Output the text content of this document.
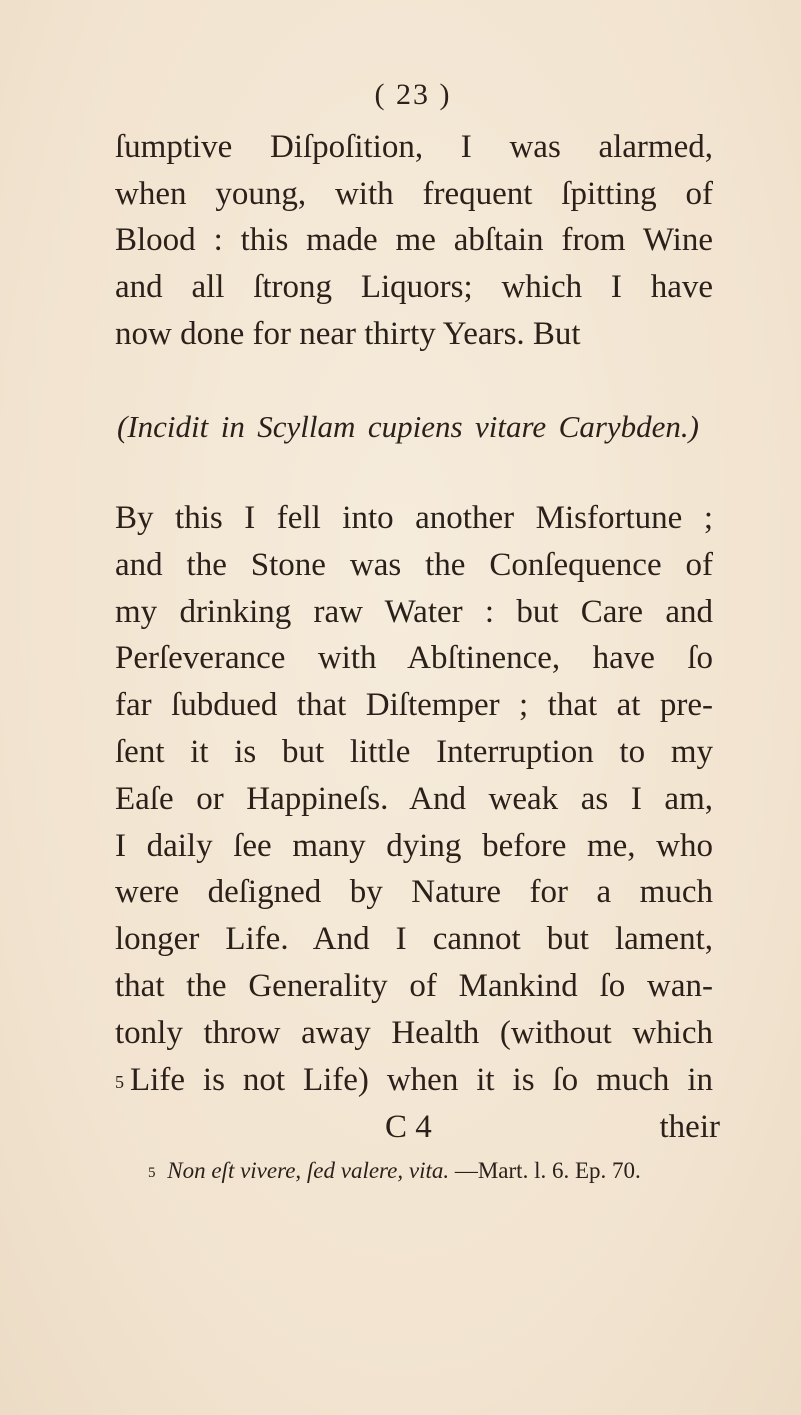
( 23 )
ſumptive Diſpoſition, I was alarmed,
when young, with frequent ſpitting of
Blood : this made me abſtain from Wine
and all ſtrong Liquors; which I have
now done for near thirty Years. But
(Incidit in Scyllam cupiens vitare Carybden.)
By this I fell into another Misfortune ;
and the Stone was the Conſequence of
my drinking raw Water : but Care and
Perſeverance with Abſtinence, have ſo
far ſubdued that Diſtemper ; that at pre-
ſent it is but little Interruption to my
Eaſe or Happineſs. And weak as I am,
I daily ſee many dying before me, who
were deſigned by Nature for a much
longer Life. And I cannot but lament,
that the Generality of Mankind ſo wan-
tonly throw away Health (without which
5 Life is not Life) when it is ſo much in
C 4	their
$^5$ Non eſt vivere, ſed valere, vita. —Mart. l. 6. Ep. 70.
